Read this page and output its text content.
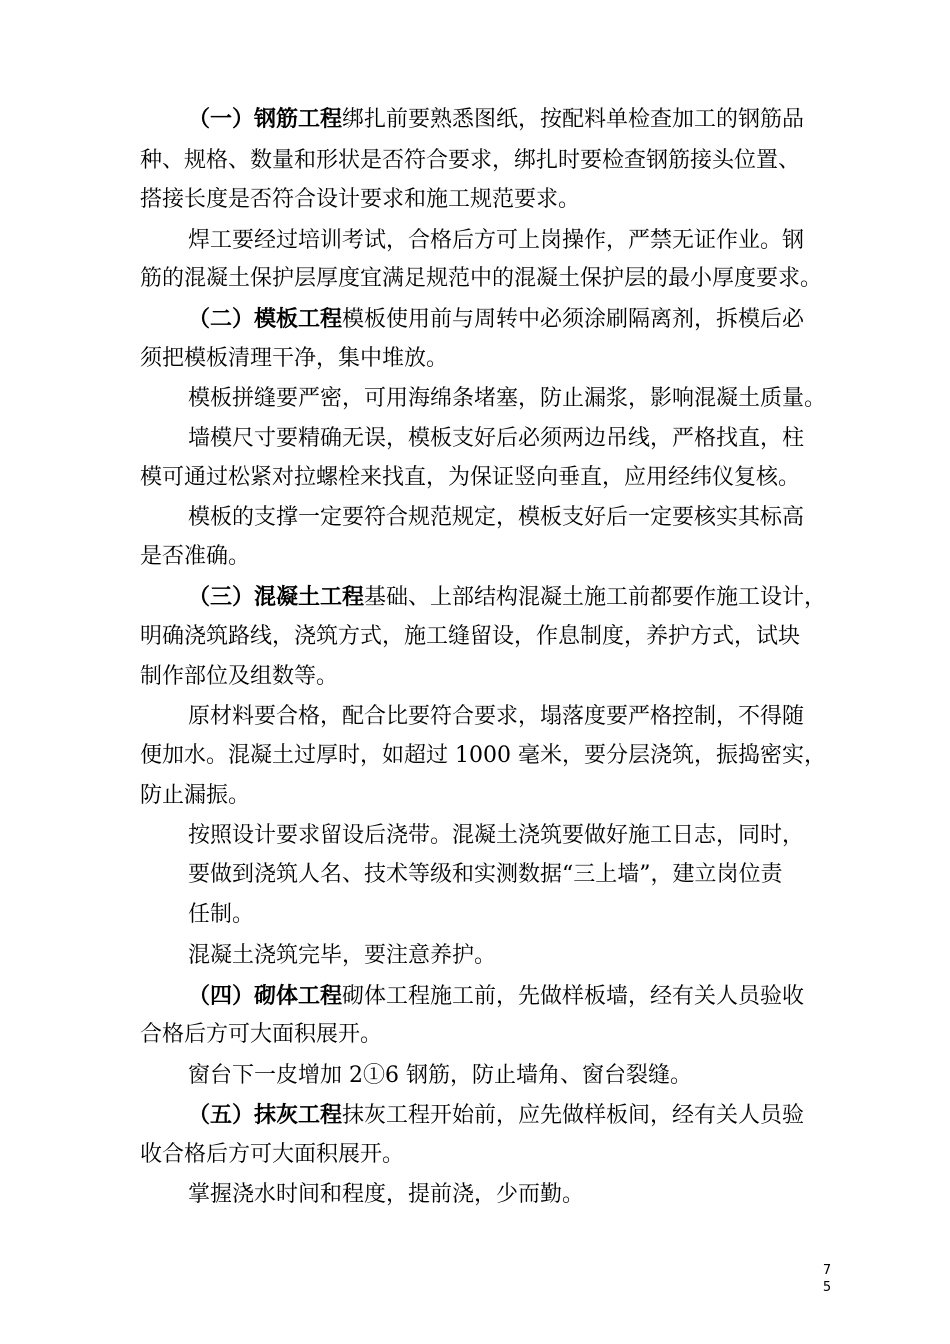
（一）钢筋工程绑扎前要熟悉图纸，按配料单检查加工的钢筋品
种、规格、数量和形状是否符合要求，绑扎时要检查钢筋接头位置、
搭接长度是否符合设计要求和施工规范要求。
焊工要经过培训考试，合格后方可上岗操作，严禁无证作业。钢
筋的混凝土保护层厚度宜满足规范中的混凝土保护层的最小厚度要求。
（二）模板工程模板使用前与周转中必须涂刷隔离剂，拆模后必
须把模板清理干净，集中堆放。
模板拼缝要严密，可用海绵条堵塞，防止漏浆，影响混凝土质量。
墙模尺寸要精确无误，模板支好后必须两边吊线，严格找直，柱
模可通过松紧对拉螺栓来找直，为保证竖向垂直，应用经纬仪复核。
模板的支撑一定要符合规范规定，模板支好后一定要核实其标高
是否准确。
（三）混凝土工程基础、上部结构混凝土施工前都要作施工设计，
明确浇筑路线，浇筑方式，施工缝留设，作息制度，养护方式，试块
制作部位及组数等。
原材料要合格，配合比要符合要求，塌落度要严格控制，不得随
便加水。混凝土过厚时，如超过 1000 毫米，要分层浇筑，振捣密实，
防止漏振。
按照设计要求留设后浇带。混凝土浇筑要做好施工日志，同时，
要做到浇筑人名、技术等级和实测数据“三上墙”，建立岗位责
任制。
混凝土浇筑完毕，要注意养护。
（四）砌体工程砌体工程施工前，先做样板墙，经有关人员验收
合格后方可大面积展开。
窗台下一皮增加 2①6 钢筋，防止墙角、窗台裂缝。
（五）抹灰工程抹灰工程开始前，应先做样板间，经有关人员验
收合格后方可大面积展开。
掌握浇水时间和程度，提前浇，少而勤。
7
5
